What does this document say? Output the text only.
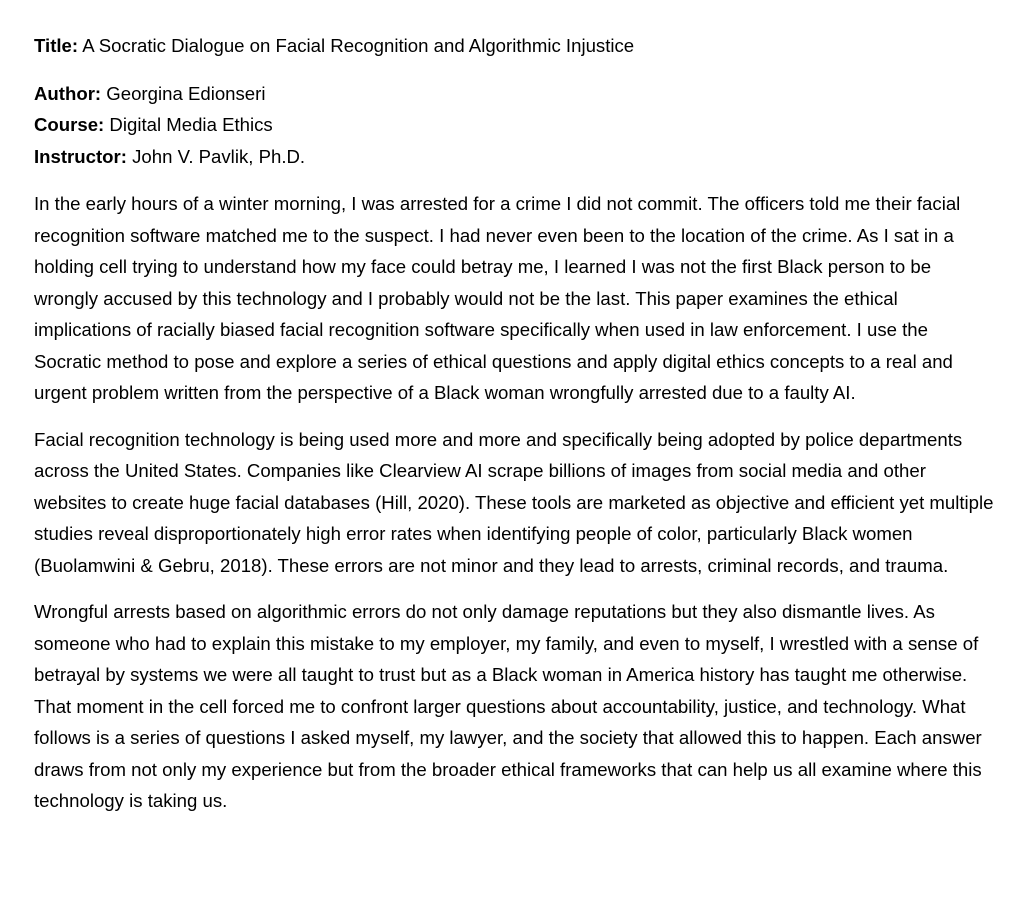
Title: A Socratic Dialogue on Facial Recognition and Algorithmic Injustice

Author: Georgina Edionseri

Course: Digital Media Ethics

Instructor: John V. Pavlik, Ph.D.

In the early hours of a winter morning, I was arrested for a crime I did not commit. The officers told me their facial recognition software matched me to the suspect. I had never even been to the location of the crime. As I sat in a holding cell trying to understand how my face could betray me, I learned I was not the first Black person to be wrongly accused by this technology and I probably would not be the last. This paper examines the ethical implications of racially biased facial recognition software specifically when used in law enforcement. I use the Socratic method to pose and explore a series of ethical questions and apply digital ethics concepts to a real and urgent problem written from the perspective of a Black woman wrongfully arrested due to a faulty AI.

Facial recognition technology is being used more and more and specifically being adopted by police departments across the United States. Companies like Clearview AI scrape billions of images from social media and other websites to create huge facial databases (Hill, 2020). These tools are marketed as objective and efficient yet multiple studies reveal disproportionately high error rates when identifying people of color, particularly Black women (Buolamwini & Gebru, 2018). These errors are not minor and they lead to arrests, criminal records, and trauma.

Wrongful arrests based on algorithmic errors do not only damage reputations but they also dismantle lives. As someone who had to explain this mistake to my employer, my family, and even to myself, I wrestled with a sense of betrayal by systems we were all taught to trust but as a Black woman in America history has taught me otherwise. That moment in the cell forced me to confront larger questions about accountability, justice, and technology. What follows is a series of questions I asked myself, my lawyer, and the society that allowed this to happen. Each answer draws from not only my experience but from the broader ethical frameworks that can help us all examine where this technology is taking us.
